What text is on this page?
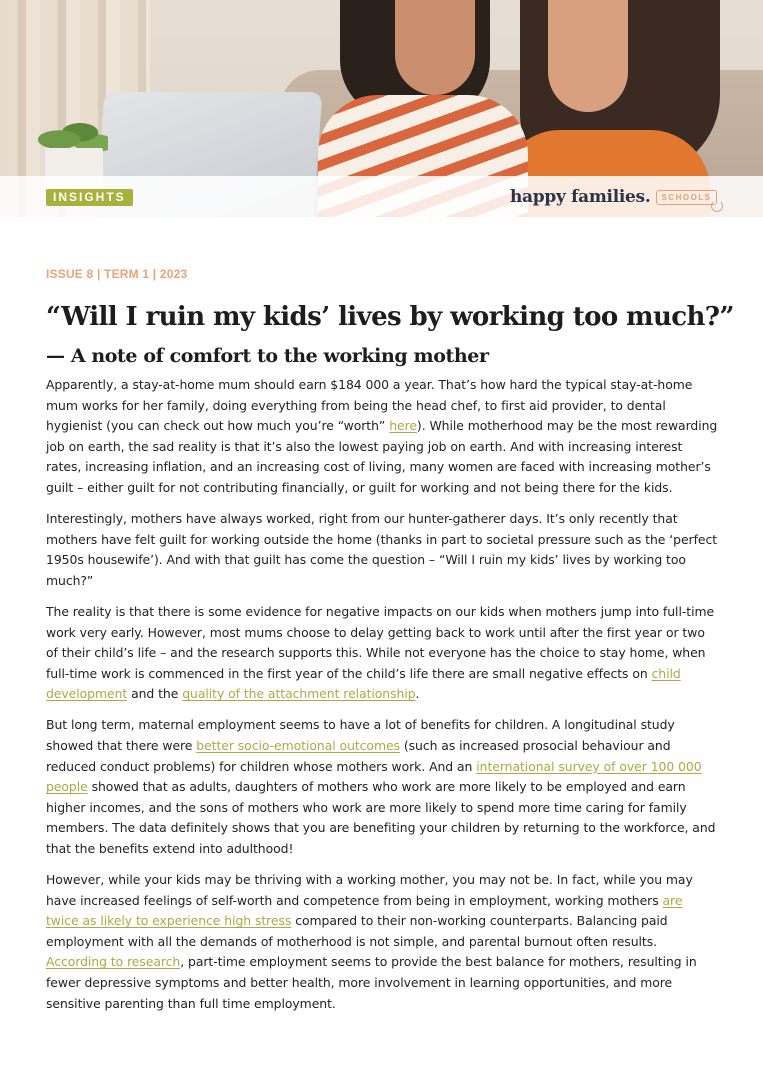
INSIGHTS	happy families.	SCHOOLS
ISSUE 8 | TERM 1 | 2023
“Will I ruin my kids’ lives by working too much?”
— A note of comfort to the working mother

Apparently, a stay-at-home mum should earn $184 000 a year. That’s how hard the typical stay-at-home mum works for her family, doing everything from being the head chef, to first aid provider, to dental hygienist (you can check out how much you’re “worth” here). While motherhood may be the most rewarding job on earth, the sad reality is that it’s also the lowest paying job on earth. And with increasing interest rates, increasing inflation, and an increasing cost of living, many women are faced with increasing mother’s guilt – either guilt for not contributing financially, or guilt for working and not being there for the kids.

Interestingly, mothers have always worked, right from our hunter-gatherer days. It’s only recently that mothers have felt guilt for working outside the home (thanks in part to societal pressure such as the ‘perfect 1950s housewife’). And with that guilt has come the question – “Will I ruin my kids’ lives by working too much?”

The reality is that there is some evidence for negative impacts on our kids when mothers jump into full-time work very early. However, most mums choose to delay getting back to work until after the first year or two of their child’s life – and the research supports this. While not everyone has the choice to stay home, when full-time work is commenced in the first year of the child’s life there are small negative effects on child development and the quality of the attachment relationship.

But long term, maternal employment seems to have a lot of benefits for children. A longitudinal study showed that there were better socio-emotional outcomes (such as increased prosocial behaviour and reduced conduct problems) for children whose mothers work. And an international survey of over 100 000 people showed that as adults, daughters of mothers who work are more likely to be employed and earn higher incomes, and the sons of mothers who work are more likely to spend more time caring for family members. The data definitely shows that you are benefiting your children by returning to the workforce, and that the benefits extend into adulthood!

However, while your kids may be thriving with a working mother, you may not be. In fact, while you may have increased feelings of self-worth and competence from being in employment, working mothers are twice as likely to experience high stress compared to their non-working counterparts. Balancing paid employment with all the demands of motherhood is not simple, and parental burnout often results. According to research, part-time employment seems to provide the best balance for mothers, resulting in fewer depressive symptoms and better health, more involvement in learning opportunities, and more sensitive parenting than full time employment.
